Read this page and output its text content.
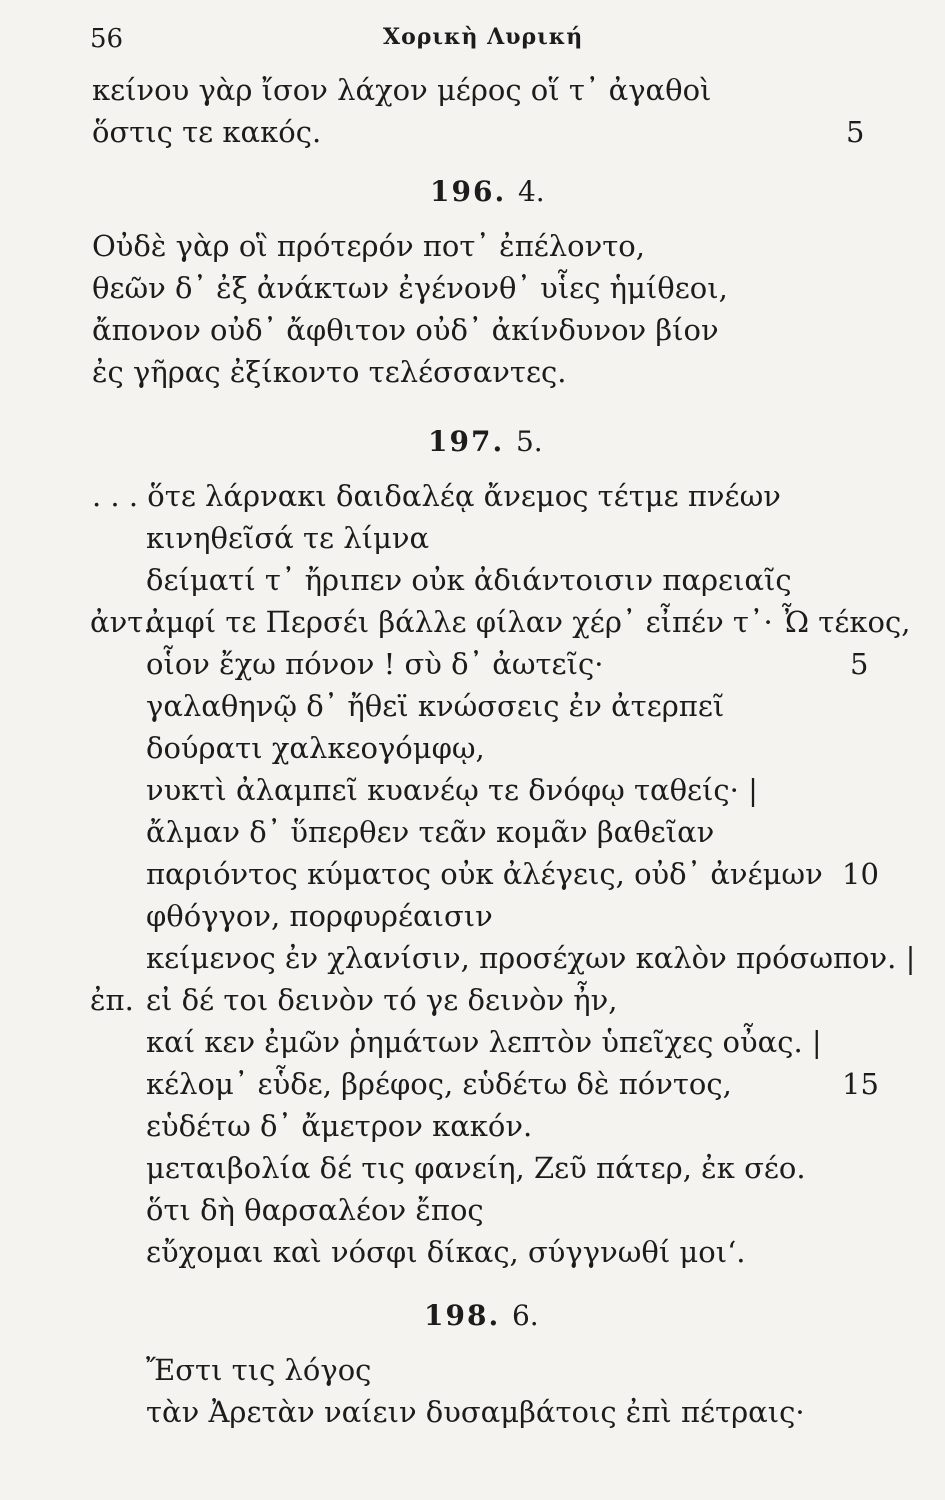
56	Χορικὴ Λυρική
κείνου γὰρ ἴσον λάχον μέρος οἵ τ᾽ ἀγαθοὶ
ὅστις τε κακός.	5
196. 4.
Οὐδὲ γὰρ οἳ πρότερόν ποτ᾽ ἐπέλοντο,
θεῶν δ᾽ ἐξ ἀνάκτων ἐγένονθ᾽ υἷες ἡμίθεοι,
ἄπονον οὐδ᾽ ἄφθιτον οὐδ᾽ ἀκίνδυνον βίον
ἐς γῆρας ἐξίκοντο τελέσσαντες.
197. 5.
. . . ὅτε λάρνακι δαιδαλέᾳ ἄνεμος τέτμε πνέων
κινηθεῖσά τε λίμνα
δείματί τ᾽ ἤριπεν οὐκ ἀδιάντοισιν παρειαῖς
ἀντ.
ἀμφί τε Περσέι βάλλε φίλαν χέρ᾽ εἶπέν τ᾽· Ὦ τέκος,
οἷον ἔχω πόνον ! σὺ δ᾽ ἀωτεῖς·	5
γαλαθηνῷ δ᾽ ἤθεϊ κνώσσεις ἐν ἀτερπεῖ
δούρατι χαλκεογόμφῳ,
νυκτὶ ἀλαμπεῖ κυανέῳ τε δνόφῳ ταθείς· |
ἄλμαν δ᾽ ὕπερθεν τεᾶν κομᾶν βαθεῖαν
παριόντος κύματος οὐκ ἀλέγεις, οὐδ᾽ ἀνέμων 10
φθόγγον, πορφυρέαισιν
κείμενος ἐν χλανίσιν, προσέχων καλὸν πρόσωπον. |
ἐπ. εἰ δέ τοι δεινὸν τό γε δεινὸν ἦν,
καί κεν ἐμῶν ῥημάτων λεπτὸν ὑπεῖχες οὖας. |
κέλομ᾽ εὗδε, βρέφος, εὑδέτω δὲ πόντος,	15
εὑδέτω δ᾽ ἄμετρον κακόν.
μεταιβολία δέ τις φανείη, Ζεῦ πάτερ, ἐκ σέο.
ὅτι δὴ θαρσαλέον ἔπος
εὔχομαι καὶ νόσφι δίκας, σύγγνωθί μοι‘.
198. 6.
Ἔστι τις λόγος
τὰν Ἀρετὰν ναίειν δυσαμβάτοις ἐπὶ πέτραις·
